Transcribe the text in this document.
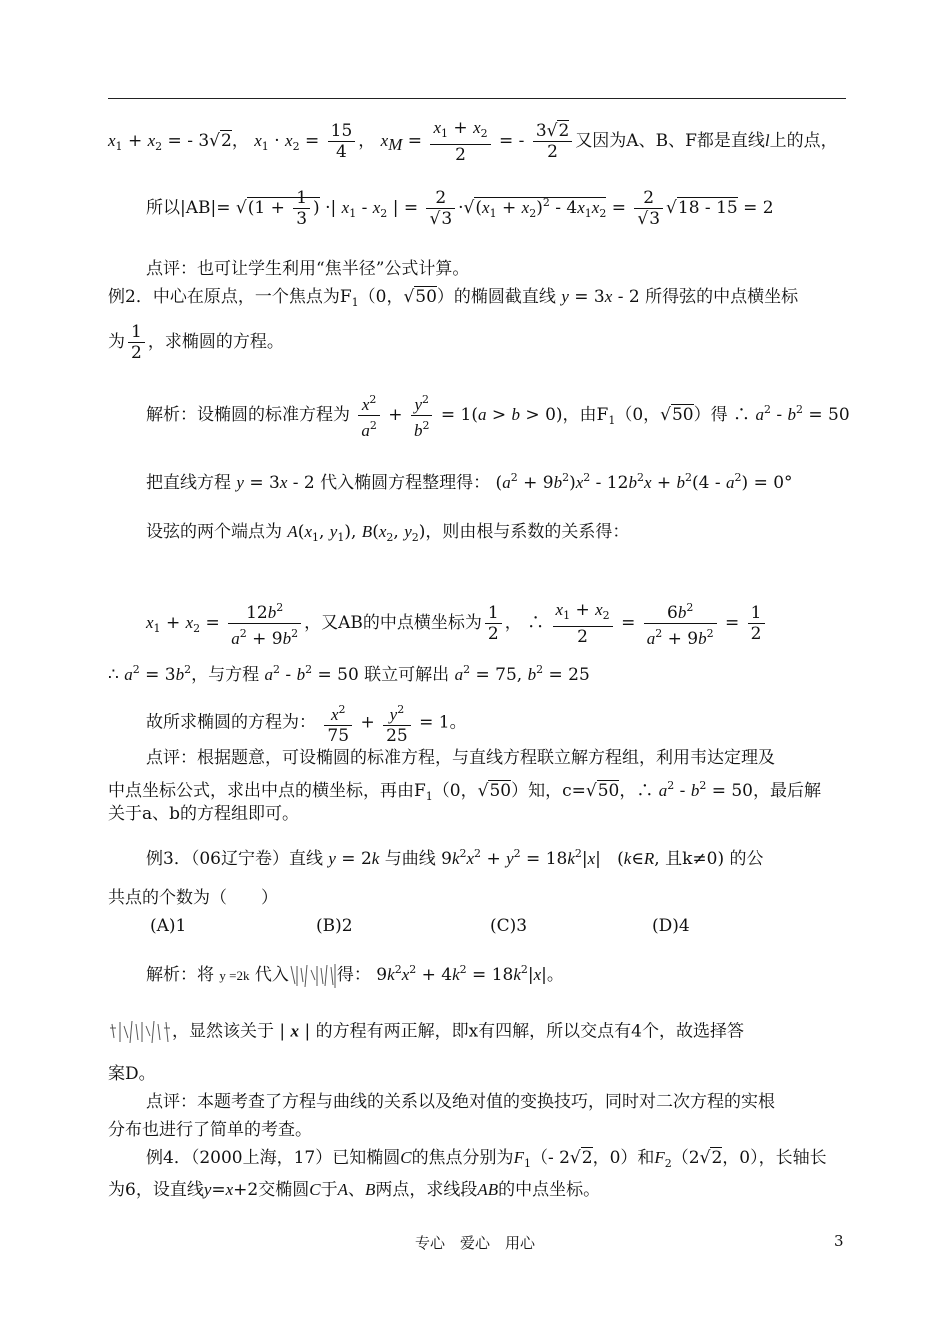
$x_1 + x_2$ = - 3√2， $x_1 \cdot x_2 = \frac{15}{4}$ ， $x_M = \frac{x_1 + x_2}{2}$ = - $\frac{3√2}{2}$ 又因为A、B、F都是直线l上的点，
所以$|AB|= √(1 + \frac{1}{3}$ ) ·| $x_1 - x_2$ | = $\frac{2}{√3} \cdot√(x_1 + x_2)^2 - 4x_1x_2 = \frac{2}{√3} √18 - 15 = 2$
点评：也可让学生利用“焦半径”公式计算。
例2．中心在原点，一个焦点为$F_1(0$，√50）的椭圆截直线 y = 3x - 2 所得弦的中点横坐标
为 $\frac{1}{2}$ ，求椭圆的方程。
解析：设椭圆的标准方程为 $\frac{x^2}{a^2} + \frac{y^2}{b^2} = 1(a > b > 0)$，由$F_1(0$，√50）得 ∴ $a^2 - b^2 = 50$
把直线方程 y = 3x - 2 代入椭圆方程整理得： $(a^2 + 9b^2)x^2 - 12b^2x + b^2(4 - a^2) = 0^\circ$
设弦的两个端点为 $A(x_1$, $y_1$), $B(x_2$, $y_2$)，则由根与系数的关系得：
$x_1 + x_2 = \frac{12b^2}{a^2 + 9b^2}$ ，又AB的中点横坐标为 $\frac{1}{2}$ ， ∴ $\frac{x_1 + x_2}{2} = \frac{6b^2}{a^2 + 9b^2} = \frac{1}{2}$
∴ $a^2 = 3b^2$，与方程 $a^2 - b^2 = 50$ 联立可解出 $a^2 = 75$, $b^2 = 25$
故所求椭圆的方程为： $\frac{x^2}{75} + \frac{y^2}{25} = 1$。
点评：根据题意，可设椭圆的标准方程，与直线方程联立解方程组，利用韦达定理及
中点坐标公式，求出中点的横坐标，再由$F_1(0$，√50）知，c=√50，∴ $a^2 - b^2 = 50$，最后解
关于a、b的方程组即可。
例3．（06辽宁卷）直线 y = 2k 与曲线 $9k^2x^2 + y^2 = 18k^2|x|$   (k∈R, 且k≠0) 的公
共点的个数为（　　）
(A)1	(B)2	(C)3	(D)4
解析：将 y =2k 代入	得： $9k^2x^2 + 4k^2 = 18k^2|x|$。
，显然该关于 | x | 的方程有两正解，即x有四解，所以交点有4个，故选择答
案D。
点评：本题考查了方程与曲线的关系以及绝对值的变换技巧，同时对二次方程的实根
分布也进行了简单的考查。
例4．（2000上海，17）已知椭圆C的焦点分别为$F_1(-$ 2√2，0）和$F_2(2√2$，0），长轴长
为6，设直线y=x+2交椭圆C于A、B两点，求线段AB的中点坐标。
专心　爱心　用心	3
